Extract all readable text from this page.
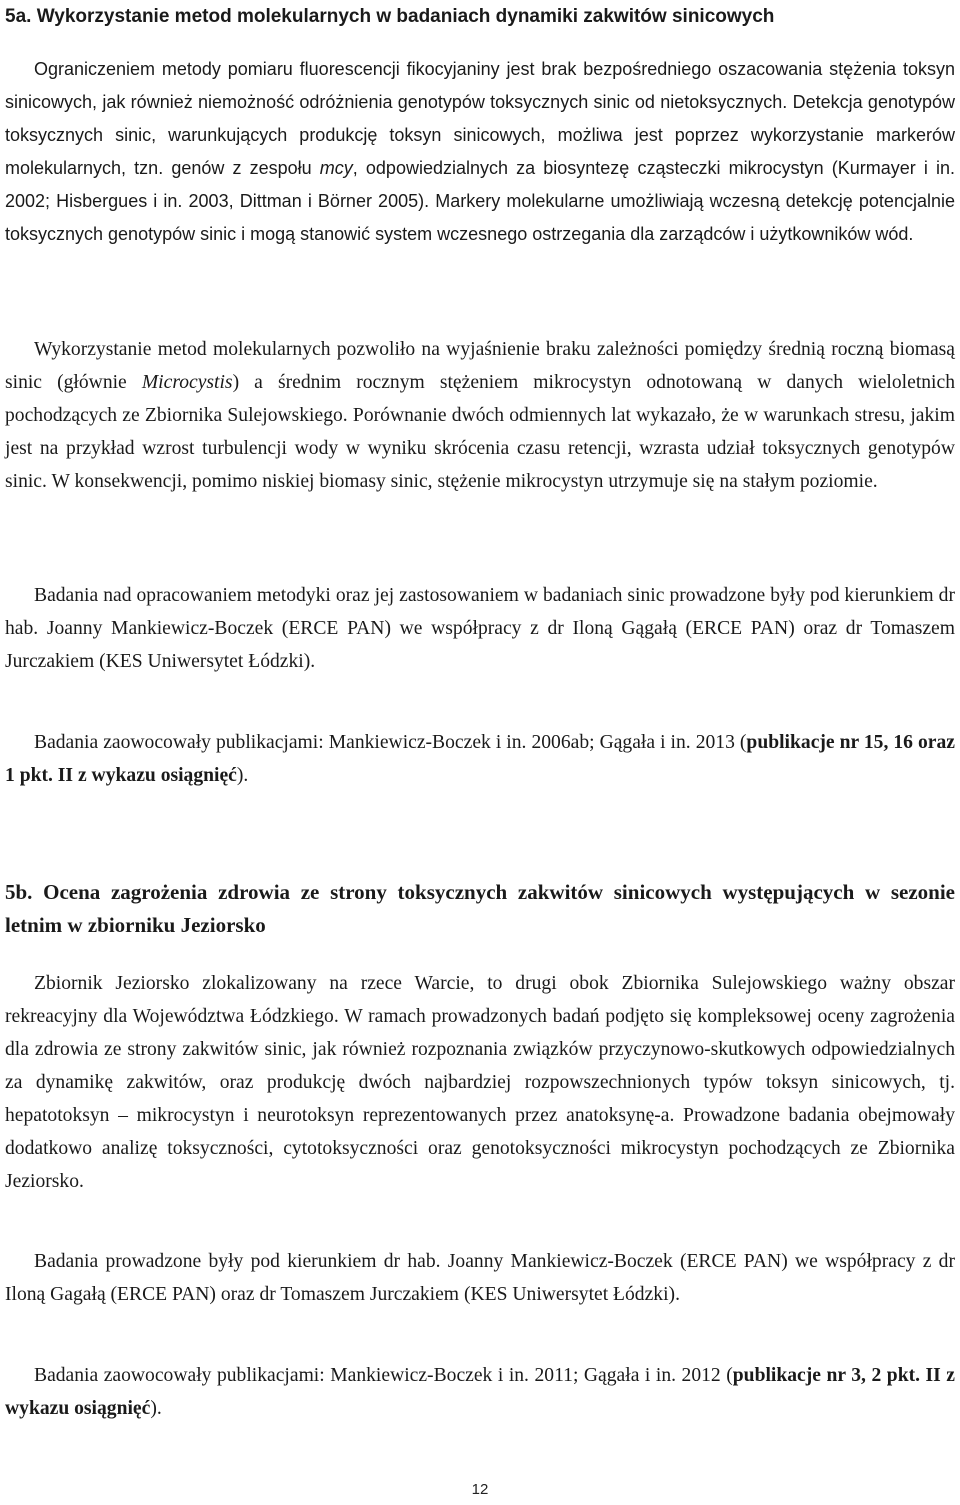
5a. Wykorzystanie metod molekularnych w badaniach dynamiki zakwitów sinicowych

Ograniczeniem metody pomiaru fluorescencji fikocyjaniny jest brak bezpośredniego oszacowania stężenia toksyn sinicowych, jak również niemożność odróżnienia genotypów toksycznych sinic od nietoksycznych. Detekcja genotypów toksycznych sinic, warunkujących produkcję toksyn sinicowych, możliwa jest poprzez wykorzystanie markerów molekularnych, tzn. genów z zespołu mcy, odpowiedzialnych za biosyntezę cząsteczki mikrocystyn (Kurmayer i in. 2002; Hisbergues i in. 2003, Dittman i Börner 2005). Markery molekularne umożliwiają wczesną detekcję potencjalnie toksycznych genotypów sinic i mogą stanowić system wczesnego ostrzegania dla zarządców i użytkowników wód.

Wykorzystanie metod molekularnych pozwoliło na wyjaśnienie braku zależności pomiędzy średnią roczną biomasą sinic (głównie Microcystis) a średnim rocznym stężeniem mikrocystyn odnotowaną w danych wieloletnich pochodzących ze Zbiornika Sulejowskiego. Porównanie dwóch odmiennych lat wykazało, że w warunkach stresu, jakim jest na przykład wzrost turbulencji wody w wyniku skrócenia czasu retencji, wzrasta udział toksycznych genotypów sinic. W konsekwencji, pomimo niskiej biomasy sinic, stężenie mikrocystyn utrzymuje się na stałym poziomie.

Badania nad opracowaniem metodyki oraz jej zastosowaniem w badaniach sinic prowadzone były pod kierunkiem dr hab. Joanny Mankiewicz-Boczek (ERCE PAN) we współpracy z dr Iloną Gągałą (ERCE PAN) oraz dr Tomaszem Jurczakiem (KES Uniwersytet Łódzki).

Badania zaowocowały publikacjami: Mankiewicz-Boczek i in. 2006ab; Gągała i in. 2013 (publikacje nr 15, 16 oraz 1 pkt. II z wykazu osiągnięć).

5b. Ocena zagrożenia zdrowia ze strony toksycznych zakwitów sinicowych występujących w sezonie letnim w zbiorniku Jeziorsko

Zbiornik Jeziorsko zlokalizowany na rzece Warcie, to drugi obok Zbiornika Sulejowskiego ważny obszar rekreacyjny dla Województwa Łódzkiego. W ramach prowadzonych badań podjęto się kompleksowej oceny zagrożenia dla zdrowia ze strony zakwitów sinic, jak również rozpoznania związków przyczynowo-skutkowych odpowiedzialnych za dynamikę zakwitów, oraz produkcję dwóch najbardziej rozpowszechnionych typów toksyn sinicowych, tj. hepatotoksyn – mikrocystyn i neurotoksyn reprezentowanych przez anatoksynę-a. Prowadzone badania obejmowały dodatkowo analizę toksyczności, cytotoksyczności oraz genotoksyczności mikrocystyn pochodzących ze Zbiornika Jeziorsko.

Badania prowadzone były pod kierunkiem dr hab. Joanny Mankiewicz-Boczek (ERCE PAN) we współpracy z dr Iloną Gagałą (ERCE PAN) oraz dr Tomaszem Jurczakiem (KES Uniwersytet Łódzki).

Badania zaowocowały publikacjami: Mankiewicz-Boczek i in. 2011; Gągała i in. 2012 (publikacje nr 3, 2 pkt. II z wykazu osiągnięć).

12
